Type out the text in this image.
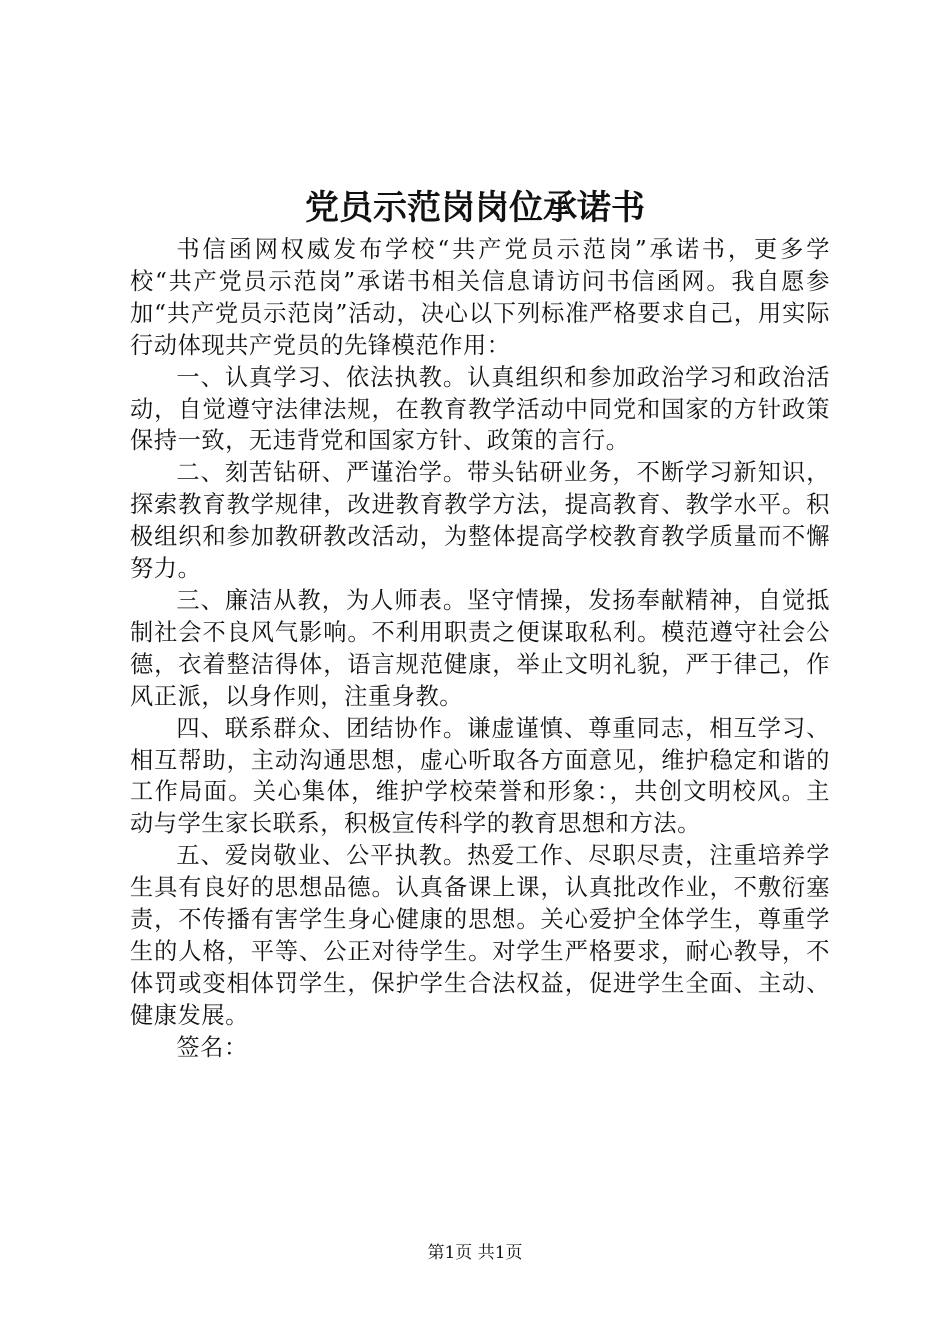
党员示范岗岗位承诺书

书信函网权威发布学校“共产党员示范岗”承诺书，更多学校“共产党员示范岗”承诺书相关信息请访问书信函网。我自愿参加“共产党员示范岗”活动，决心以下列标准严格要求自己，用实际行动体现共产党员的先锋模范作用：

一、认真学习、依法执教。认真组织和参加政治学习和政治活动，自觉遵守法律法规，在教育教学活动中同党和国家的方针政策保持一致，无违背党和国家方针、政策的言行。

二、刻苦钻研、严谨治学。带头钻研业务，不断学习新知识，探索教育教学规律，改进教育教学方法，提高教育、教学水平。积极组织和参加教研教改活动，为整体提高学校教育教学质量而不懈努力。

三、廉洁从教，为人师表。坚守情操，发扬奉献精神，自觉抵制社会不良风气影响。不利用职责之便谋取私利。模范遵守社会公德，衣着整洁得体，语言规范健康，举止文明礼貌，严于律己，作风正派，以身作则，注重身教。

四、联系群众、团结协作。谦虚谨慎、尊重同志，相互学习、相互帮助，主动沟通思想，虚心听取各方面意见，维护稳定和谐的工作局面。关心集体，维护学校荣誉和形象：，共创文明校风。主动与学生家长联系，积极宣传科学的教育思想和方法。

五、爱岗敬业、公平执教。热爱工作、尽职尽责，注重培养学生具有良好的思想品德。认真备课上课，认真批改作业，不敷衍塞责，不传播有害学生身心健康的思想。关心爱护全体学生，尊重学生的人格，平等、公正对待学生。对学生严格要求，耐心教导，不体罚或变相体罚学生，保护学生合法权益，促进学生全面、主动、健康发展。

签名：

第1页 共1页
